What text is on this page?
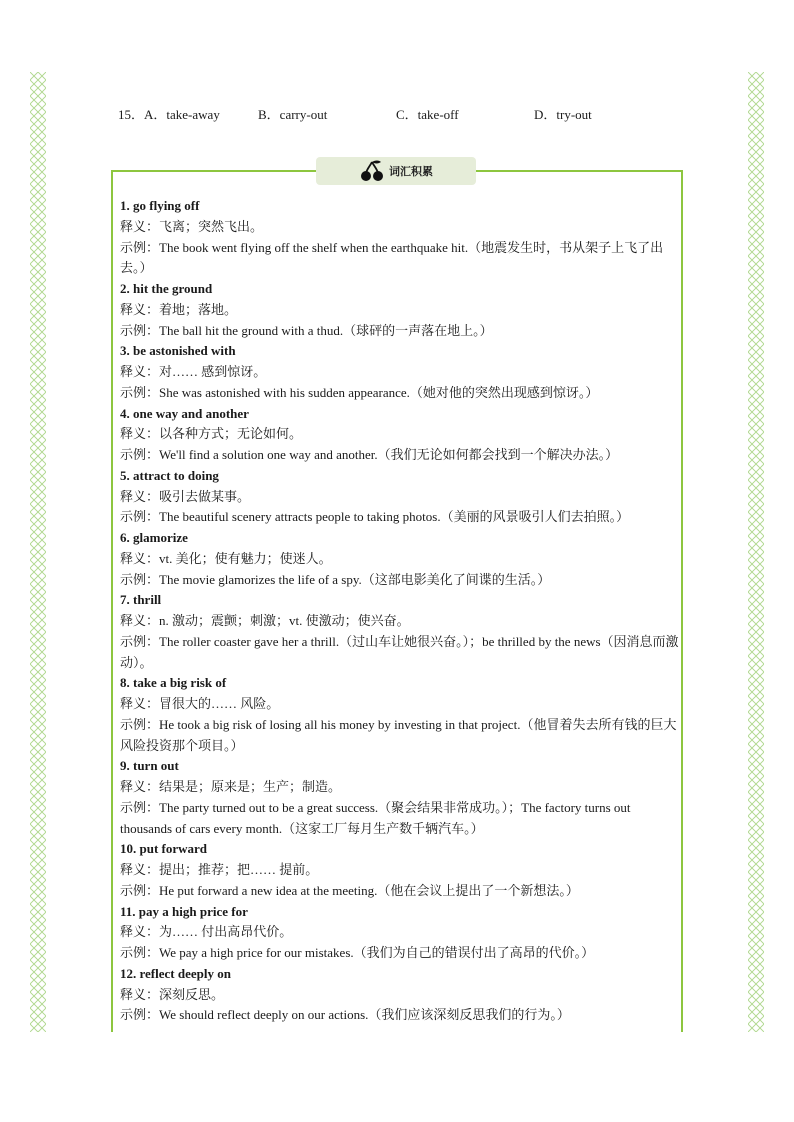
15．A．take-away	B．carry-out	C．take-off	D．try-out
词汇积累
1. go flying off
释义：飞离；突然飞出。
示例：The book went flying off the shelf when the earthquake hit.（地震发生时，书从架子上飞了出去。）
2. hit the ground
释义：着地；落地。
示例：The ball hit the ground with a thud.（球砰的一声落在地上。）
3. be astonished with
释义：对…… 感到惊讶。
示例：She was astonished with his sudden appearance.（她对他的突然出现感到惊讶。）
4. one way and another
释义：以各种方式；无论如何。
示例：We'll find a solution one way and another.（我们无论如何都会找到一个解决办法。）
5. attract to doing
释义：吸引去做某事。
示例：The beautiful scenery attracts people to taking photos.（美丽的风景吸引人们去拍照。）
6. glamorize
释义：vt. 美化；使有魅力；使迷人。
示例：The movie glamorizes the life of a spy.（这部电影美化了间谍的生活。）
7. thrill
释义：n. 激动；震颤；刺激；vt. 使激动；使兴奋。
示例：The roller coaster gave her a thrill.（过山车让她很兴奋。）；be thrilled by the news（因消息而激动）。
8. take a big risk of
释义：冒很大的…… 风险。
示例：He took a big risk of losing all his money by investing in that project.（他冒着失去所有钱的巨大风险投资那个项目。）
9. turn out
释义：结果是；原来是；生产；制造。
示例：The party turned out to be a great success.（聚会结果非常成功。）；The factory turns out thousands of cars every month.（这家工厂每月生产数千辆汽车。）
10. put forward
释义：提出；推荐；把…… 提前。
示例：He put forward a new idea at the meeting.（他在会议上提出了一个新想法。）
11. pay a high price for
释义：为…… 付出高昂代价。
示例：We pay a high price for our mistakes.（我们为自己的错误付出了高昂的代价。）
12. reflect deeply on
释义：深刻反思。
示例：We should reflect deeply on our actions.（我们应该深刻反思我们的行为。）
